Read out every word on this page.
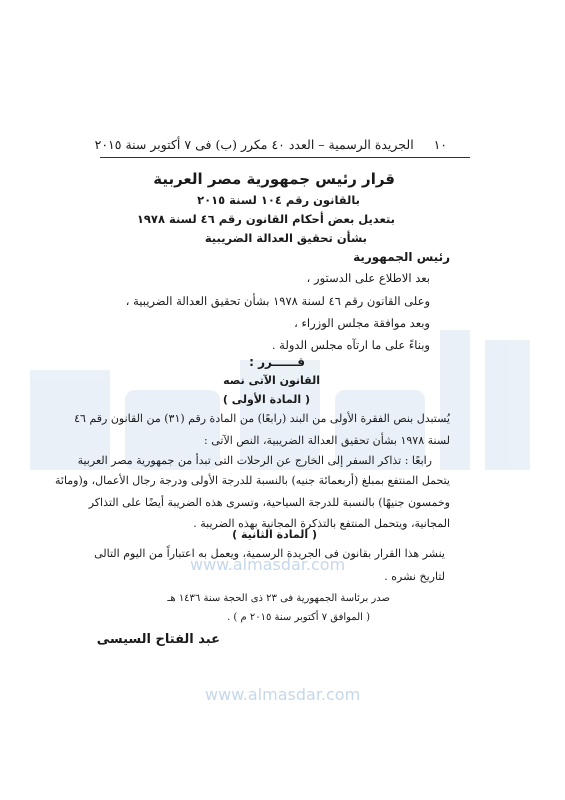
١٠     الجريدة الرسمية – العدد ٤٠ مكرر (ب) فى ٧ أكتوبر سنة ٢٠١٥
قرار رئيس جمهورية مصر العربية
بالقانون رقم ١٠٤ لسنة ٢٠١٥
بتعديل بعض أحكام القانون رقم ٤٦ لسنة ١٩٧٨
بشأن تحقيق العدالة الضريبية
رئيس الجمهورية
بعد الاطلاع على الدستور ،
وعلى القانون رقم ٤٦ لسنة ١٩٧٨ بشأن تحقيق العدالة الضريبية ،
وبعد موافقة مجلس الوزراء ،
وبناءً على ما ارتآه مجلس الدولة .
قــــــرر :
القانون الآتى نصه
( المادة الأولى )
يُستبدل بنص الفقرة الأولى من البند (رابعًا) من المادة رقم (٣١) من القانون رقم ٤٦
لسنة ١٩٧٨ بشأن تحقيق العدالة الضريبية، النص الآتى :
رابعًا : تذاكر السفر إلى الخارج عن الرحلات التى تبدأ من جمهورية مصر العربية
يتحمل المنتفع بمبلغ (أربعمائة جنيه) بالنسبة للدرجة الأولى ودرجة رجال الأعمال، و(ومائة
وخمسون جنيهًا) بالنسبة للدرجة السياحية، وتسرى هذه الضريبة أيضًا على التذاكر
المجانية، ويتحمل المنتفع بالتذكرة المجانية بهذه الضريبة .
( المادة الثانية )
ينشر هذا القرار بقانون فى الجريدة الرسمية، ويعمل به اعتباراً من اليوم التالى
لتاريخ نشره .
صدر برئاسة الجمهورية فى ٢٣ ذى الحجة سنة ١٤٣٦ هـ
( الموافق ٧ أكتوبر سنة ٢٠١٥ م ) .
عبد الفتاح السيسى
www.almasdar.com
www.almasdar.com
